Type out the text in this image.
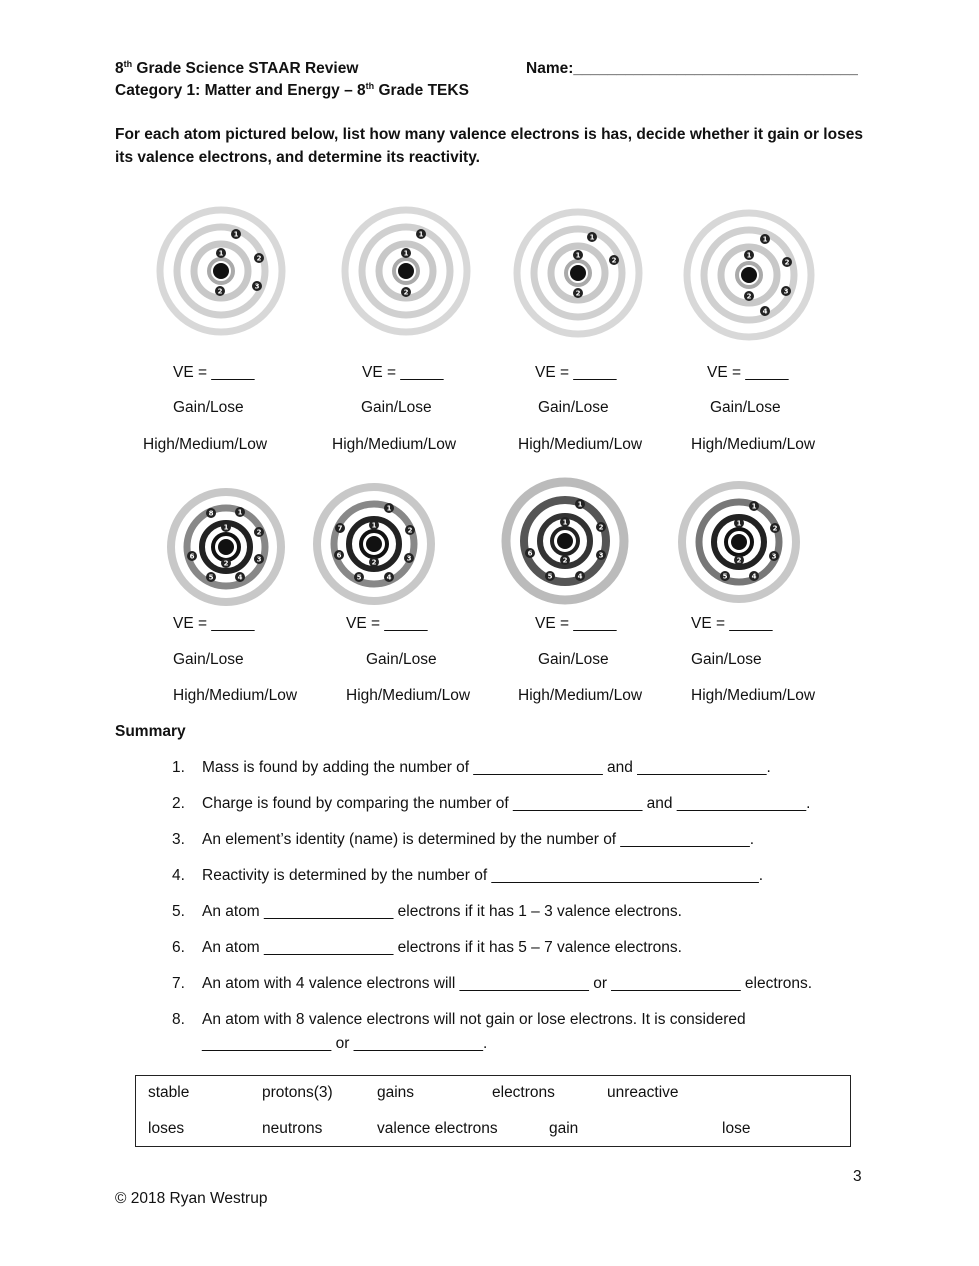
8th Grade Science STAAR Review	Name:_________________________________
Category 1: Matter and Energy – 8th Grade TEKS
For each atom pictured below, list how many valence electrons is has, decide whether it gain or loses its valence electrons, and determine its reactivity.
1
2
3
2
1
1
2
1
1
2
2
1
1
2
3
4
2
1
VE = _____
Gain/Lose
High/Medium/Low
VE = _____
Gain/Lose
High/Medium/Low
VE = _____
Gain/Lose
High/Medium/Low
VE = _____
Gain/Lose
High/Medium/Low
1
2
3
4
5
6
8
1
2
1
2
3
4
5
6
7	1
2
1
2
3
4
5
6
1
2
1
2
3
4
5
1
2
VE = _____
Gain/Lose
High/Medium/Low
VE = _____
Gain/Lose
High/Medium/Low
VE = _____
Gain/Lose
High/Medium/Low
VE = _____
Gain/Lose
High/Medium/Low
Summary
1. Mass is found by adding the number of _______________ and _______________.
2. Charge is found by comparing the number of _______________ and _______________.
3. An element’s identity (name) is determined by the number of _______________.
4. Reactivity is determined by the number of _______________________________.
5. An atom _______________ electrons if it has 1 – 3 valence electrons.
6. An atom _______________ electrons if it has 5 – 7 valence electrons.
7. An atom with 4 valence electrons will _______________ or _______________ electrons.
8. An atom with 8 valence electrons will not gain or lose electrons. It is considered
_______________ or _______________.
stable	protons(3)	gains	electrons	unreactive
loses	neutrons	valence electrons	gain	lose
3
© 2018 Ryan Westrup
